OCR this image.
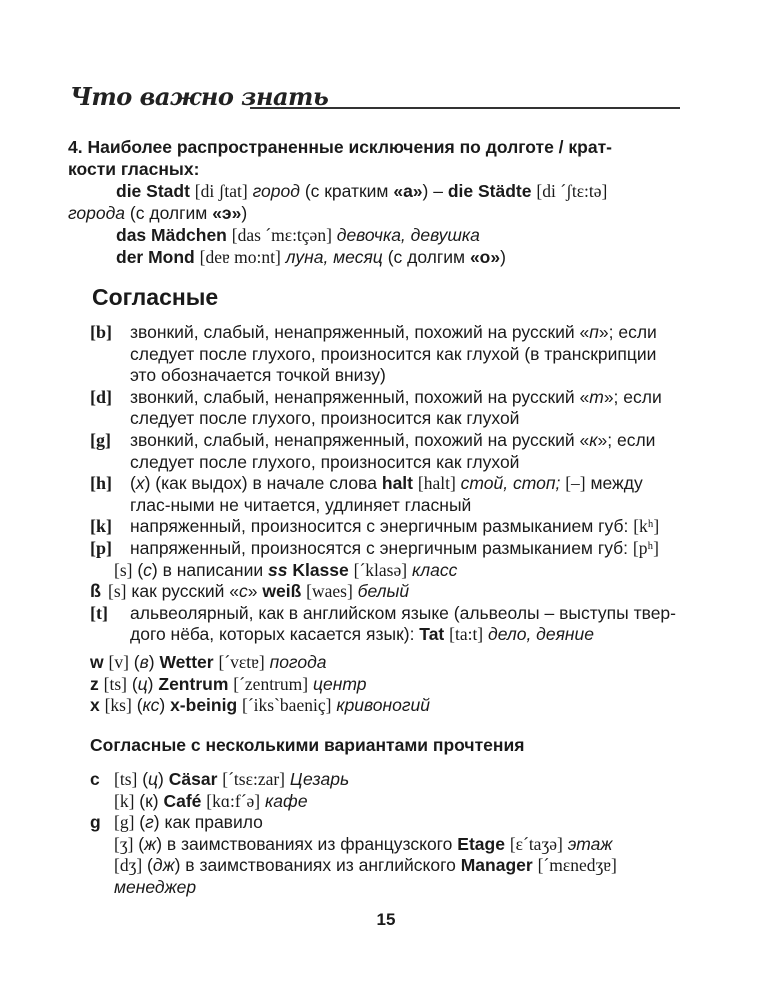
Что важно знать
4. Наиболее распространенные исключения по долготе / крат-
кости гласных:
die Stadt [di ʃtat] город (с кратким «а») – die Städte [di ´ʃtɛ:tə]
города (с долгим «э»)
das Mädchen [das ´mɛ:tçən] девочка, девушка
der Mond [deɐ mo:nt] луна, месяц (с долгим «о»)
Согласные
[b]	звонкий, слабый, ненапряженный, похожий на русский «п»; если следует после глухого, произносится как глухой (в транскрипции это обозначается точкой внизу)
[d]	звонкий, слабый, ненапряженный, похожий на русский «т»; если следует после глухого, произносится как глухой
[g]	звонкий, слабый, ненапряженный, похожий на русский «к»; если следует после глухого, произносится как глухой
[h]	(х) (как выдох) в начале слова halt [halt] стой, стоп; [–] между глас-ными не читается, удлиняет гласный
[k]	напряженный, произносится с энергичным размыканием губ: [kʰ]
[p]	напряженный, произносятся с энергичным размыканием губ: [pʰ]
[s] (с) в написании ss Klasse [´klasə] класс
ß [s] как русский «с» weiß [waes] белый
[t]	альвеолярный, как в английском языке (альвеолы – выступы твер-дого нёба, которых касается язык): Tat [ta:t] дело, деяние
w [v] (в) Wetter [´vɛtɐ] погода
z [ts] (ц) Zentrum [´zentrum] центр
x [ks] (кс) x-beinig [´iks`baeniç] кривоногий
Согласные с несколькими вариантами прочтения
c [ts] (ц) Cäsar [´tsɛ:zar] Цезарь
[k] (к) Café [kɑ:f´ə] кафе
g [g] (г) как правило
[ʒ] (ж) в заимствованиях из французского Etage [ɛ´taʒə] этаж
[dʒ] (дж) в заимствованиях из английского Manager [´mɛnedʒɐ]
менеджер
15
